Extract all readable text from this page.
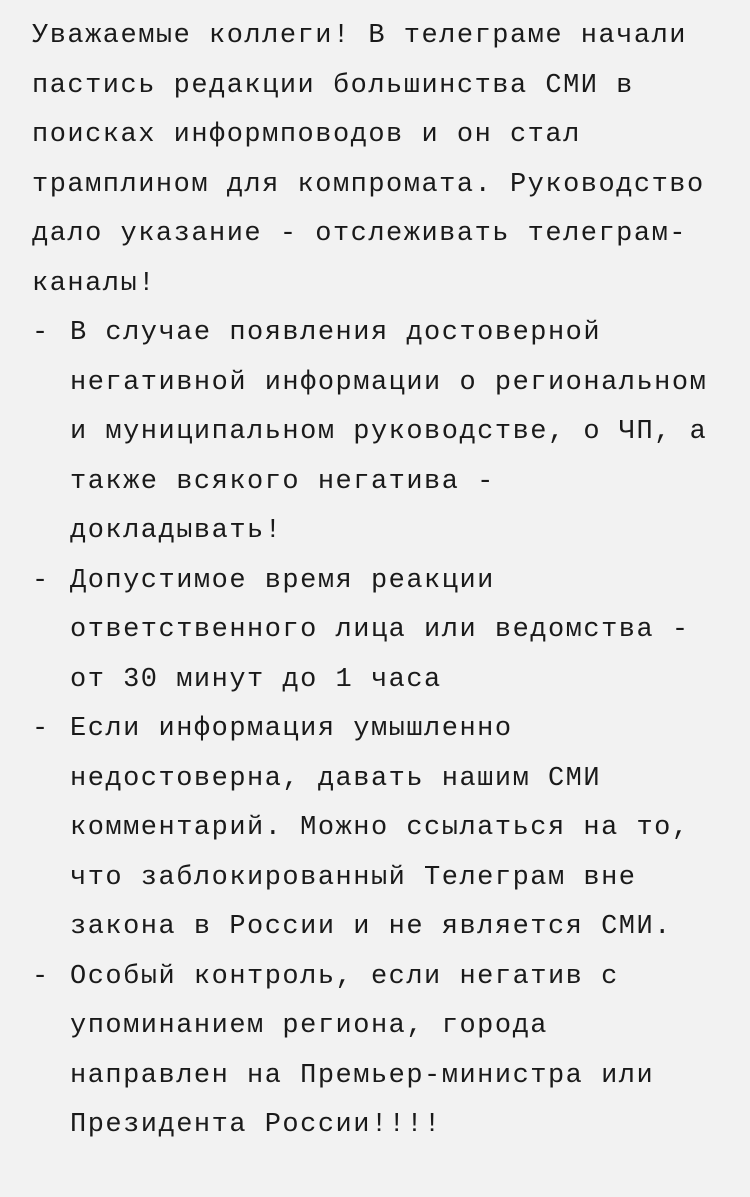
Уважаемые коллеги! В телеграме начали пастись редакции большинства СМИ в поисках информповодов и он стал трамплином для компромата. Руководство дало указание - отслеживать телеграм-каналы!

- В случае появления достоверной негативной информации о региональном и муниципальном руководстве, о ЧП, а также всякого негатива - докладывать!
- Допустимое время реакции ответственного лица или ведомства - от 30 минут до 1 часа
- Если информация умышленно недостоверна, давать нашим СМИ комментарий. Можно ссылаться на то, что заблокированный Телеграм вне закона в России и не является СМИ.
- Особый контроль, если негатив с упоминанием региона, города направлен на Премьер-министра или Президента России!!!!
